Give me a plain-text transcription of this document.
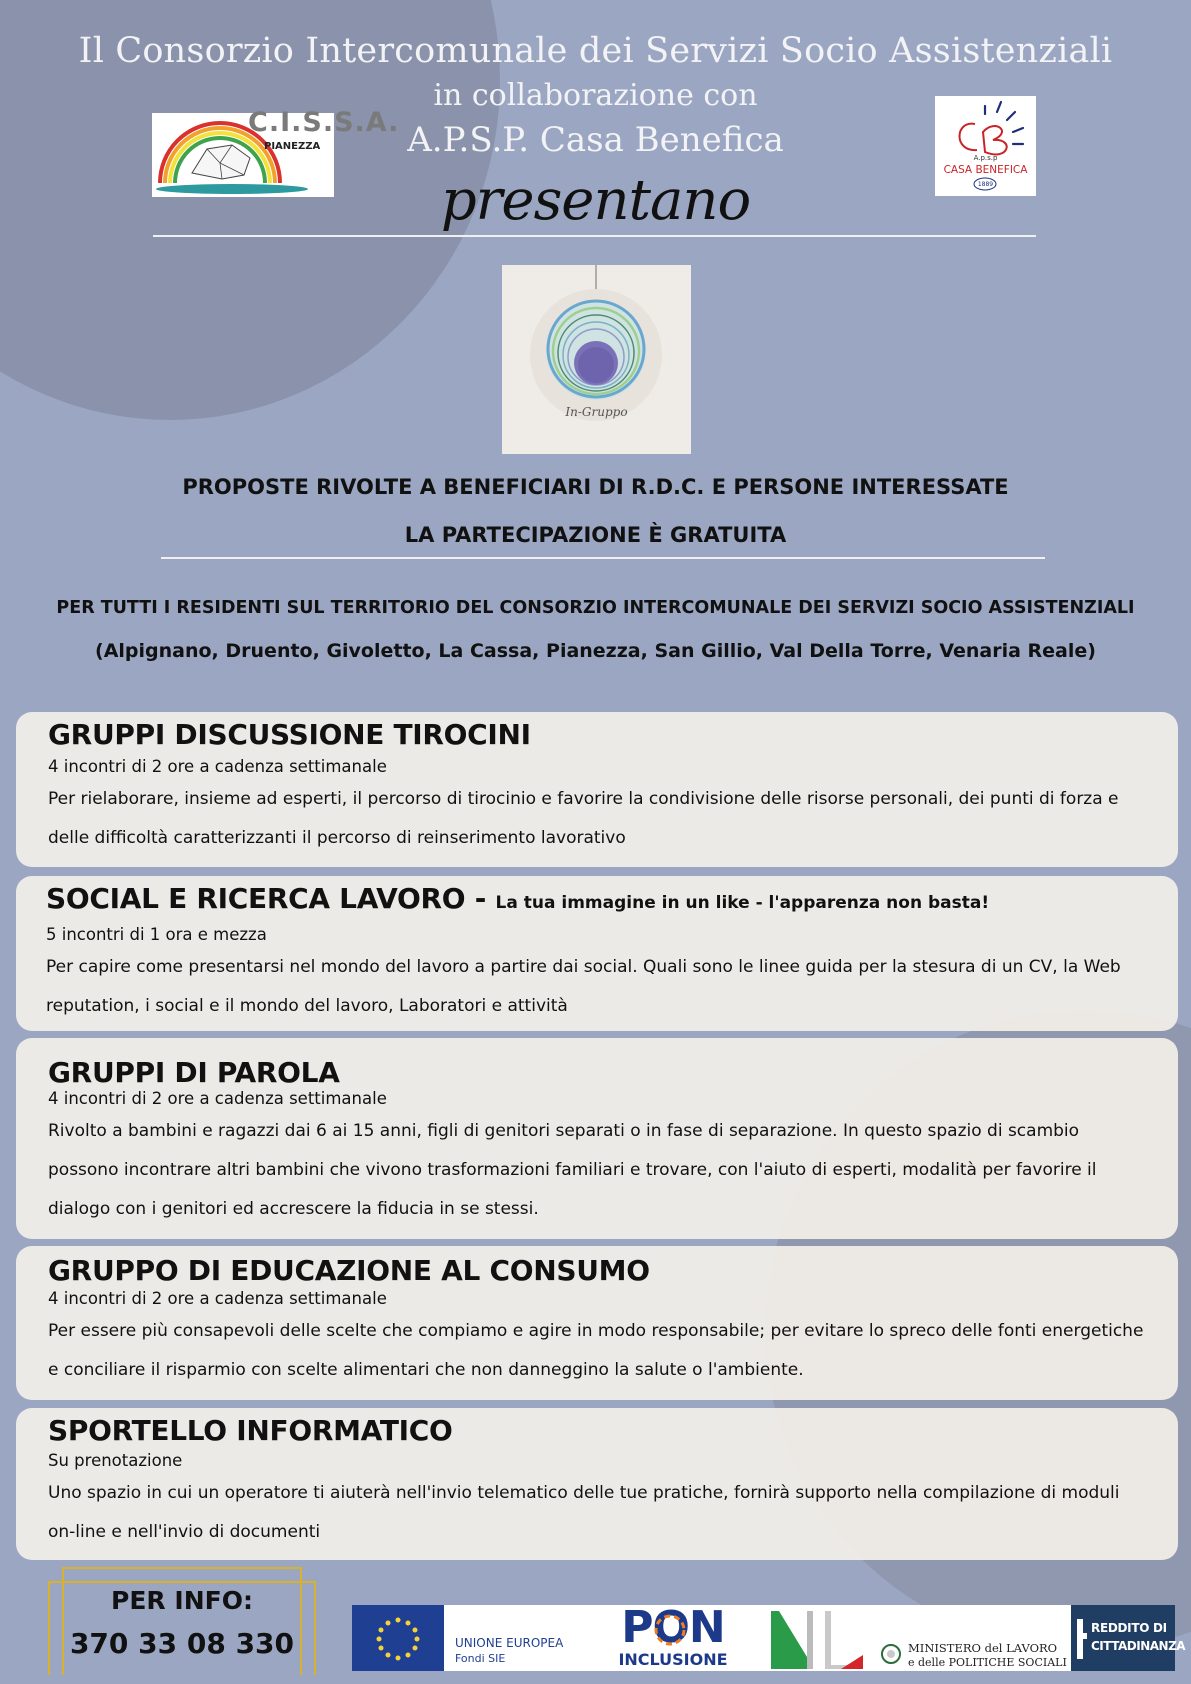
Il Consorzio Intercomunale dei Servizi Socio Assistenziali
in collaborazione con
A.P.S.P. Casa Benefica
presentano
C.I.S.S.A.
PIANEZZA
A.p.s.p
CASA BENEFICA
1889
In-Gruppo
PROPOSTE RIVOLTE A BENEFICIARI DI R.D.C. E PERSONE INTERESSATE
LA PARTECIPAZIONE È GRATUITA
PER TUTTI I RESIDENTI SUL TERRITORIO DEL CONSORZIO INTERCOMUNALE DEI SERVIZI SOCIO ASSISTENZIALI
(Alpignano, Druento, Givoletto, La Cassa, Pianezza, San Gillio, Val Della Torre, Venaria Reale)
GRUPPI DISCUSSIONE TIROCINI
4 incontri di 2 ore a cadenza settimanale
Per rielaborare, insieme ad esperti, il percorso di tirocinio e favorire la condivisione delle risorse personali, dei punti di forza e delle difficoltà caratterizzanti il percorso di reinserimento lavorativo
SOCIAL E RICERCA LAVORO - La tua immagine in un like - l'apparenza non basta!
5 incontri di 1 ora e mezza
Per capire come presentarsi nel mondo del lavoro a partire dai social. Quali sono le linee guida per la stesura di un CV, la Web reputation, i social e il mondo del lavoro, Laboratori e attività
GRUPPI DI PAROLA
4 incontri di 2 ore a cadenza settimanale
Rivolto a bambini e ragazzi dai 6 ai 15 anni, figli di genitori separati o in fase di separazione. In questo spazio di scambio possono incontrare altri bambini che vivono trasformazioni familiari e trovare, con l'aiuto di esperti, modalità per favorire il dialogo con i genitori ed accrescere la fiducia in se stessi.
GRUPPO DI EDUCAZIONE AL CONSUMO
4 incontri di 2 ore a cadenza settimanale
Per essere più consapevoli delle scelte che compiamo e agire in modo responsabile; per evitare lo spreco delle fonti energetiche e conciliare il risparmio con scelte alimentari che non danneggino la salute o l'ambiente.
SPORTELLO INFORMATICO
Su prenotazione
Uno spazio in cui un operatore ti aiuterà nell'invio telematico delle tue pratiche, fornirà supporto nella compilazione di moduli on-line e nell'invio di documenti
PER INFO:
370 33 08 330	UNIONE EUROPEA
Fondi SIE
PON
INCLUSIONE
MINISTERO del LAVORO
e delle POLITICHE SOCIALI
REDDITO DI
CITTADINANZA
